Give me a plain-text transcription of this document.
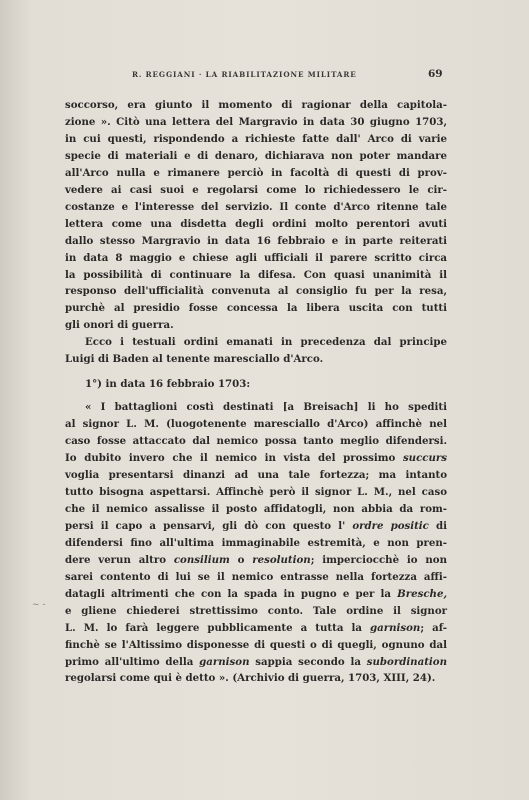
R. REGGIANI · LA RIABILITAZIONE MILITARE	69
~ -

soccorso, era giunto il momento di ragionar della capitola-
zione ». Citò una lettera del Margravio in data 30 giugno 1703,
in cui questi, rispondendo a richieste fatte dall' Arco di varie
specie di materiali e di denaro, dichiarava non poter mandare
all'Arco nulla e rimanere perciò in facoltà di questi di prov-
vedere ai casi suoi e regolarsi come lo richiedessero le cir-
costanze e l'interesse del servizio. Il conte d'Arco ritenne tale
lettera come una disdetta degli ordini molto perentori avuti
dallo stesso Margravio in data 16 febbraio e in parte reiterati
in data 8 maggio e chiese agli ufficiali il parere scritto circa
la possibilità di continuare la difesa. Con quasi unanimità il
responso dell'ufficialità convenuta al consiglio fu per la resa,
purchè al presidio fosse concessa la libera uscita con tutti
gli onori di guerra.

Ecco i testuali ordini emanati in precedenza dal principe
Luigi di Baden al tenente maresciallo d'Arco.

1°) in data 16 febbraio 1703:

« I battaglioni costì destinati [a Breisach] li ho spediti
al signor L. M. (luogotenente maresciallo d'Arco) affinchè nel
caso fosse attaccato dal nemico possa tanto meglio difendersi.
Io dubito invero che il nemico in vista del prossimo succurs
voglia presentarsi dinanzi ad una tale fortezza; ma intanto
tutto bisogna aspettarsi. Affinchè però il signor L. M., nel caso
che il nemico assalisse il posto affidatogli, non abbia da rom-
persi il capo a pensarvi, gli dò con questo l' ordre positic di
difendersi fino all'ultima immaginabile estremità, e non pren-
dere verun altro consilium o resolution; imperciocchè io non
sarei contento di lui se il nemico entrasse nella fortezza affi-
datagli altrimenti che con la spada in pugno e per la Bresche,
e gliene chiederei strettissimo conto. Tale ordine il signor
L. M. lo farà leggere pubblicamente a tutta la garnison; af-
finchè se l'Altissimo disponesse di questi o di quegli, ognuno dal
primo all'ultimo della garnison sappia secondo la subordination
regolarsi come qui è detto ». (Archivio di guerra, 1703, XIII, 24).
